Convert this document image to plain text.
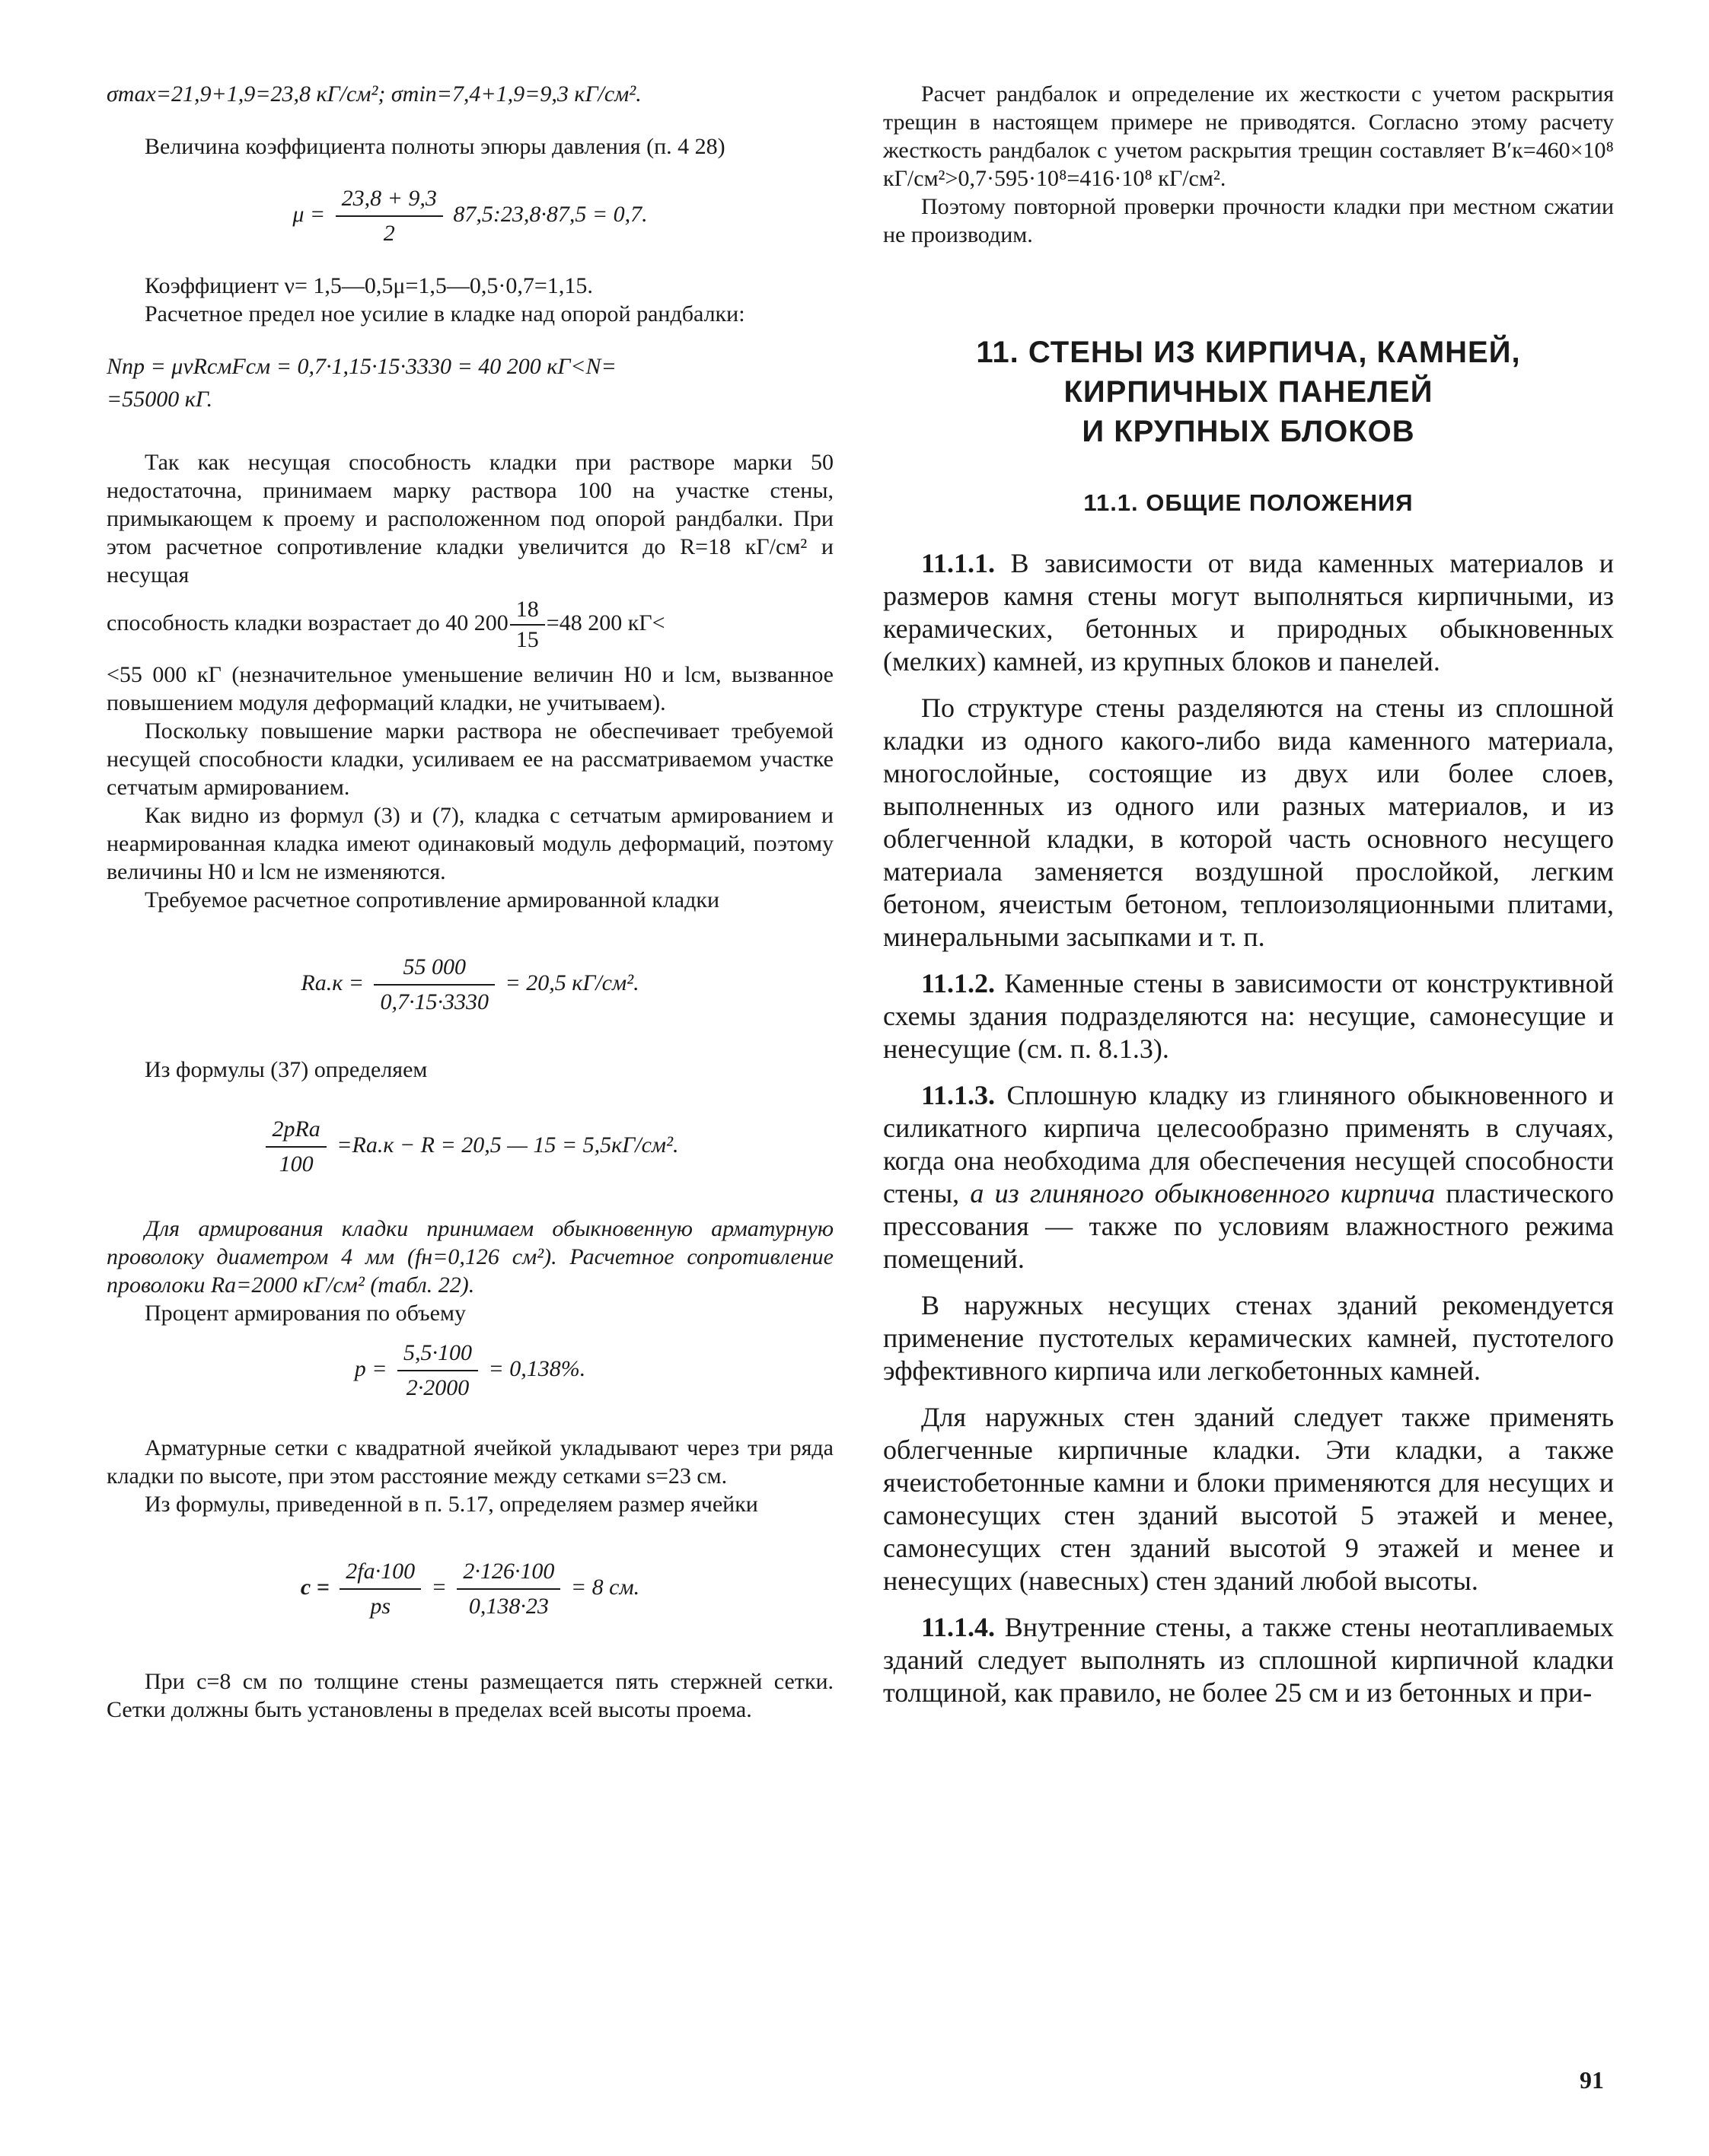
σmax=21,9+1,9=23,8 кГ/см²; σmin=7,4+1,9=9,3 кГ/см².

Величина коэффициента полноты эпюры давления (п. 4 28)

$\mu = \frac{23,8 + 9,3}{2}$ 87,5:23,8·87,5 = 0,7.

Коэффициент ν= 1,5—0,5μ=1,5—0,5·0,7=1,15.

Расчетное предел ное усилие в кладке над опорой рандбалки:

Nпр = μνRсмFсм = 0,7·1,15·15·3330 = 40 200 кГ<N=
=55000 кГ.

Так как несущая способность кладки при растворе марки 50 недостаточна, принимаем марку раствора 100 на участке стены, примыкающем к проему и расположенном под опорой рандбалки. При этом расчетное сопротивление кладки увеличится до R=18 кГ/см² и несущая

способность кладки возрастает до 40 $200 \frac{18}{15} =48$ 200 кГ<

<55 000 кГ (незначительное уменьшение величин H0 и lсм, вызванное повышением модуля деформаций кладки, не учитываем).

Поскольку повышение марки раствора не обеспечивает требуемой несущей способности кладки, усиливаем ее на рассматриваемом участке сетчатым армированием.

Как видно из формул (3) и (7), кладка с сетчатым армированием и неармированная кладка имеют одинаковый модуль деформаций, поэтому величины H0 и lсм не изменяются.

Требуемое расчетное сопротивление армированной кладки

$Rа.к = \frac{55 000}{0,7\cdot 15\cdot 3330} = 20,5$ кГ/см².

Из формулы (37) определяем

$\frac{\text{2pRа}}{100} =Rа.к - R = 20,5$ — 15 = 5,5кГ/см².

Для армирования кладки принимаем обыкновенную арматурную проволоку диаметром 4 мм (fн=0,126 см²). Расчетное сопротивление проволоки Rа=2000 кГ/см² (табл. 22).

Процент армирования по объему

$p = \frac{5,5\cdot 100}{2\cdot 2000} = 0,138\%$.

Арматурные сетки с квадратной ячейкой укладывают через три ряда кладки по высоте, при этом расстояние между сетками s=23 см.

Из формулы, приведенной в п. 5.17, определяем размер ячейки

$c = \frac{2fа\cdot 100}{ps} = \frac{2\cdot 126\cdot 100}{0,138\cdot 23} = 8$ см.

При c=8 см по толщине стены размещается пять стержней сетки. Сетки должны быть установлены в пределах всей высоты проема.

Расчет рандбалок и определение их жесткости с учетом раскрытия трещин в настоящем примере не приводятся. Согласно этому расчету жесткость рандбалок с учетом раскрытия трещин составляет B′к=460×10⁸ кГ/см²>0,7·595·10⁸=416·10⁸ кГ/см².

Поэтому повторной проверки прочности кладки при местном сжатии не производим.

11. СТЕНЫ ИЗ КИРПИЧА, КАМНЕЙ,
КИРПИЧНЫХ ПАНЕЛЕЙ
И КРУПНЫХ БЛОКОВ
11.1. ОБЩИЕ ПОЛОЖЕНИЯ

11.1.1. В зависимости от вида каменных материалов и размеров камня стены могут выполняться кирпичными, из керамических, бетонных и природных обыкновенных (мелких) камней, из крупных блоков и панелей.

По структуре стены разделяются на стены из сплошной кладки из одного какого-либо вида каменного материала, многослойные, состоящие из двух или более слоев, выполненных из одного или разных материалов, и из облегченной кладки, в которой часть основного несущего материала заменяется воздушной прослойкой, легким бетоном, ячеистым бетоном, теплоизоляционными плитами, минеральными засыпками и т. п.

11.1.2. Каменные стены в зависимости от конструктивной схемы здания подразделяются на: несущие, самонесущие и ненесущие (см. п. 8.1.3).

11.1.3. Сплошную кладку из глиняного обыкновенного и силикатного кирпича целесообразно применять в случаях, когда она необходима для обеспечения несущей способности стены, а из глиняного обыкновенного кирпича пластического прессования — также по условиям влажностного режима помещений.

В наружных несущих стенах зданий рекомендуется применение пустотелых керамических камней, пустотелого эффективного кирпича или легкобетонных камней.

Для наружных стен зданий следует также применять облегченные кирпичные кладки. Эти кладки, а также ячеистобетонные камни и блоки применяются для несущих и самонесущих стен зданий высотой 5 этажей и менее, самонесущих стен зданий высотой 9 этажей и менее и ненесущих (навесных) стен зданий любой высоты.

11.1.4. Внутренние стены, а также стены неотапливаемых зданий следует выполнять из сплошной кирпичной кладки толщиной, как правило, не более 25 см и из бетонных и при-

91
